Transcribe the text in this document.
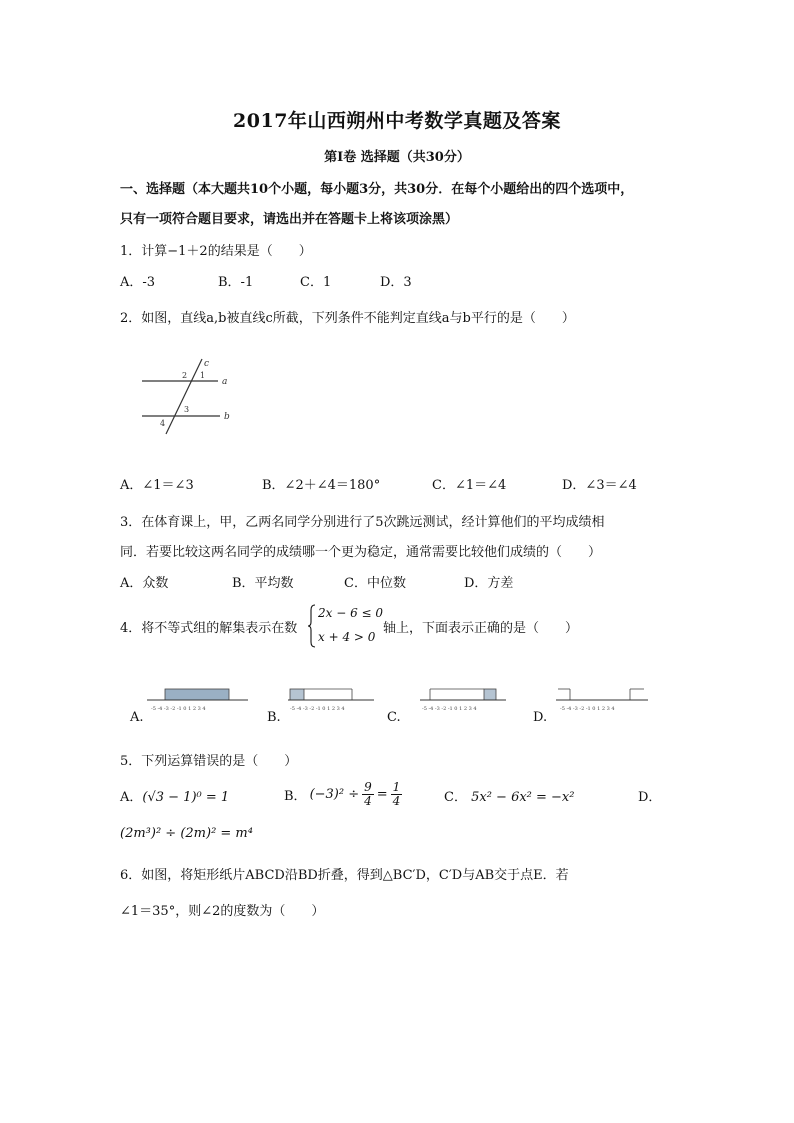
2017年山西朔州中考数学真题及答案
第Ⅰ卷 选择题（共30分）
一、选择题（本大题共10个小题，每小题3分，共30分．在每个小题给出的四个选项中，
只有一项符合题目要求，请选出并在答题卡上将该项涂黑）
1．计算−1＋2的结果是（　　）
A．-3	B．-1	C．1	D．3
2．如图，直线a,b被直线c所截，下列条件不能判定直线a与b平行的是（　　）
c
a
b
2 1
3
4
A．∠1＝∠3	B．∠2＋∠4＝180°	C．∠1＝∠4	D．∠3＝∠4
3．在体育课上，甲，乙两名同学分别进行了5次跳远测试，经计算他们的平均成绩相
同．若要比较这两名同学的成绩哪一个更为稳定，通常需要比较他们成绩的（　　）
A．众数	B．平均数	C．中位数	D．方差
4．将不等式组的解集表示在数
2x − 6 ≤ 0
x + 4 > 0
轴上，下面表示正确的是（　　）
-5 -4 -3 -2 -1 0 1 2 3 4
A.
-5 -4 -3 -2 -1 0 1 2 3 4
B.
-5 -4 -3 -2 -1 0 1 2 3 4
C.
-5 -4 -3 -2 -1 0 1 2 3 4
D.
5．下列运算错误的是（　　）
A．(√3 − 1)⁰ = 1	B． $(-3)^2 \div \frac{9}{4} = \frac{1}{4}$	C． 5x² − 6x² = −x²	D．
(2m³)² ÷ (2m)² = m⁴
6．如图，将矩形纸片ABCD沿BD折叠，得到△BC′D，C′D与AB交于点E．若
∠1＝35°，则∠2的度数为（　　）
